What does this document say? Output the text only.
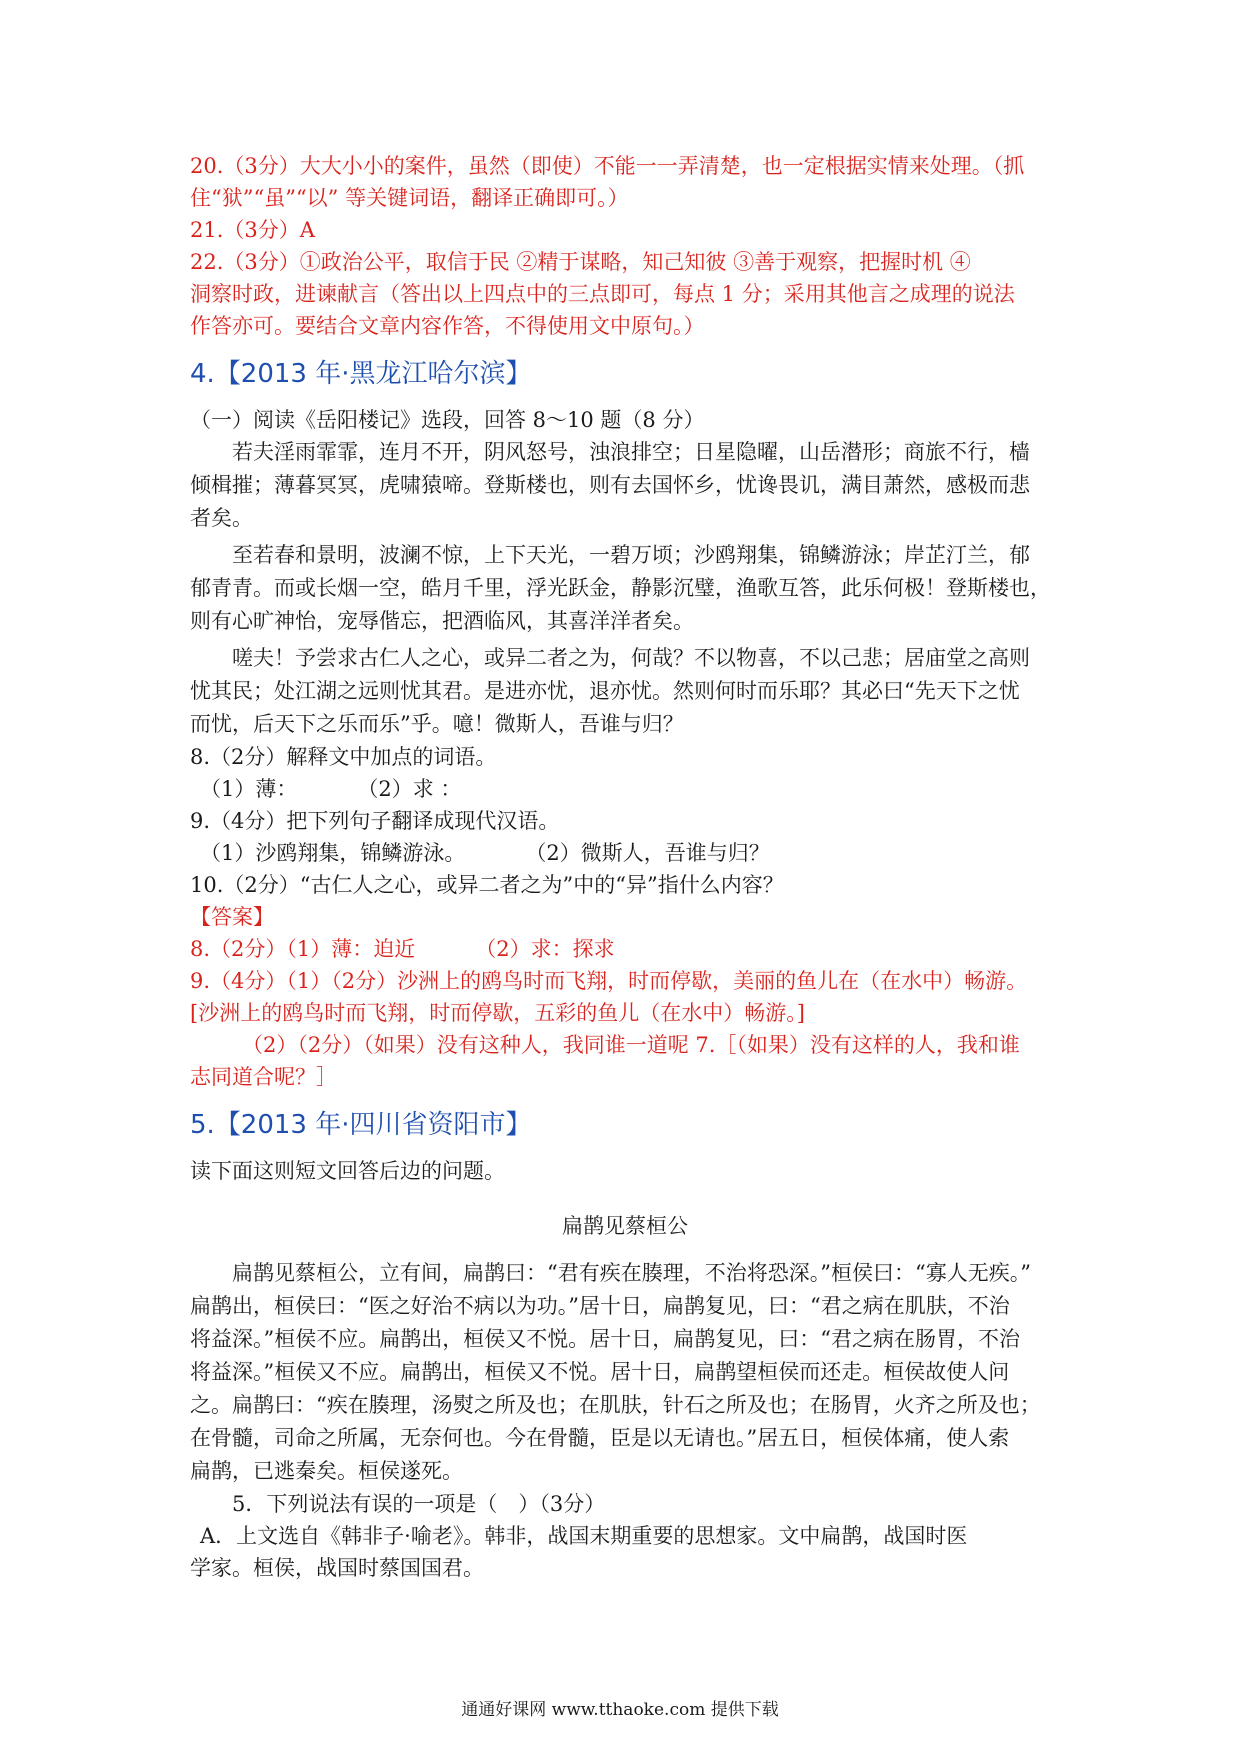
20.（3分）大大小小的案件，虽然（即使）不能一一弄清楚，也一定根据实情来处理。（抓
住“狱”“虽”“以” 等关键词语，翻译正确即可。）
21.（3分）A
22.（3分）①政治公平，取信于民 ②精于谋略，知己知彼 ③善于观察，把握时机 ④
洞察时政，进谏献言（答出以上四点中的三点即可，每点 1 分；采用其他言之成理的说法
作答亦可。要结合文章内容作答，不得使用文中原句。）
4.【2013 年·黑龙江哈尔滨】
（一）阅读《岳阳楼记》选段，回答 8～10 题（8 分）
若夫淫雨霏霏，连月不开，阴风怒号，浊浪排空；日星隐曜，山岳潜形；商旅不行，樯
倾楫摧；薄暮冥冥，虎啸猿啼。登斯楼也，则有去国怀乡，忧谗畏讥，满目萧然，感极而悲
者矣。
至若春和景明，波澜不惊，上下天光，一碧万顷；沙鸥翔集，锦鳞游泳；岸芷汀兰，郁
郁青青。而或长烟一空，皓月千里，浮光跃金，静影沉璧，渔歌互答，此乐何极！登斯楼也，
则有心旷神怡，宠辱偕忘，把酒临风，其喜洋洋者矣。
嗟夫！予尝求古仁人之心，或异二者之为，何哉？不以物喜，不以己悲；居庙堂之高则
忧其民；处江湖之远则忧其君。是进亦忧，退亦忧。然则何时而乐耶？其必曰“先天下之忧
而忧，后天下之乐而乐”乎。噫！微斯人，吾谁与归？
8.（2分）解释文中加点的词语。
（1）薄：	（2）求 ：
9.（4分）把下列句子翻译成现代汉语。
（1）沙鸥翔集，锦鳞游泳。	（2）微斯人，吾谁与归？
10.（2分）“古仁人之心，或异二者之为”中的“异”指什么内容？
【答案】
8.（2分）（1）薄：迫近	（2）求：探求
9.（4分）（1）（2分）沙洲上的鸥鸟时而飞翔，时而停歇，美丽的鱼儿在（在水中）畅游。
[沙洲上的鸥鸟时而飞翔，时而停歇，五彩的鱼儿（在水中）畅游。]
（2）（2分）（如果）没有这种人，我同谁一道呢 7.［（如果）没有这样的人，我和谁
志同道合呢？］
5.【2013 年·四川省资阳市】
读下面这则短文回答后边的问题。
扁鹊见蔡桓公
扁鹊见蔡桓公，立有间，扁鹊曰：“君有疾在腠理，不治将恐深。”桓侯曰：“寡人无疾。”
扁鹊出，桓侯曰：“医之好治不病以为功。”居十日，扁鹊复见，曰：“君之病在肌肤，不治
将益深。”桓侯不应。扁鹊出，桓侯又不悦。居十日，扁鹊复见，曰：“君之病在肠胃，不治
将益深。”桓侯又不应。扁鹊出，桓侯又不悦。居十日，扁鹊望桓侯而还走。桓侯故使人问
之。扁鹊曰：“疾在腠理，汤熨之所及也；在肌肤，针石之所及也；在肠胃，火齐之所及也；
在骨髓，司命之所属，无奈何也。今在骨髓，臣是以无请也。”居五日，桓侯体痛，使人索
扁鹊，已逃秦矣。桓侯遂死。
5．下列说法有误的一项是（　）（3分）
A．上文选自《韩非子·喻老》。韩非，战国末期重要的思想家。文中扁鹊，战国时医
学家。桓侯，战国时蔡国国君。
通通好课网 www.tthaoke.com 提供下载
